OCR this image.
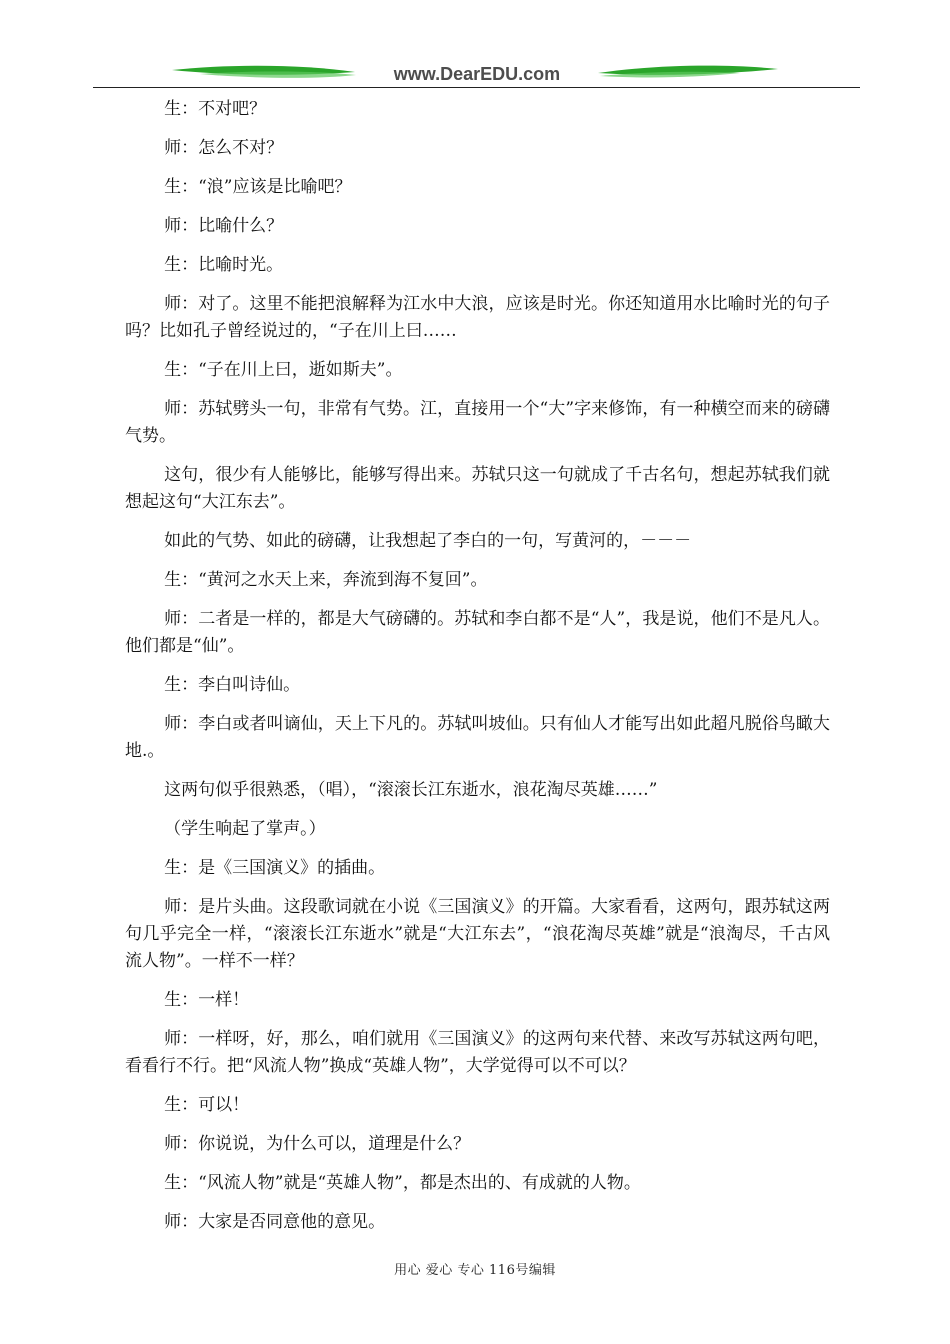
www.DearEDU.com

生：不对吧？

师：怎么不对？

生：“浪”应该是比喻吧？

师：比喻什么？

生：比喻时光。

师：对了。这里不能把浪解释为江水中大浪，应该是时光。你还知道用水比喻时光的句子吗？比如孔子曾经说过的，“子在川上曰……

生：“子在川上曰，逝如斯夫”。

师：苏轼劈头一句，非常有气势。江，直接用一个“大”字来修饰，有一种横空而来的磅礴气势。

这句，很少有人能够比，能够写得出来。苏轼只这一句就成了千古名句，想起苏轼我们就想起这句“大江东去”。

如此的气势、如此的磅礴，让我想起了李白的一句，写黄河的，－－－

生：“黄河之水天上来，奔流到海不复回”。

师：二者是一样的，都是大气磅礴的。苏轼和李白都不是“人”，我是说，他们不是凡人。他们都是“仙”。

生：李白叫诗仙。

师：李白或者叫谪仙，天上下凡的。苏轼叫坡仙。只有仙人才能写出如此超凡脱俗鸟瞰大地.。

这两句似乎很熟悉，（唱），“滚滚长江东逝水，浪花淘尽英雄……”

（学生响起了掌声。）

生：是《三国演义》的插曲。

师：是片头曲。这段歌词就在小说《三国演义》的开篇。大家看看，这两句，跟苏轼这两句几乎完全一样，“滚滚长江东逝水”就是“大江东去”，“浪花淘尽英雄”就是“浪淘尽，千古风流人物”。一样不一样？

生：一样！

师：一样呀，好，那么，咱们就用《三国演义》的这两句来代替、来改写苏轼这两句吧，看看行不行。把“风流人物”换成“英雄人物”，大学觉得可以不可以？

生：可以！

师：你说说，为什么可以，道理是什么？

生：“风流人物”就是“英雄人物”，都是杰出的、有成就的人物。

师：大家是否同意他的意见。

用心 爱心 专心 116号编辑
